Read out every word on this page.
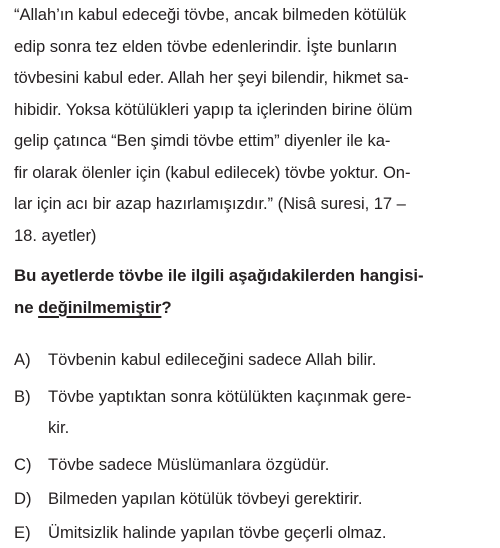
“Allah’ın kabul edeceği tövbe, ancak bilmeden kötülük
edip sonra tez elden tövbe edenlerindir. İşte bunların
tövbesini kabul eder. Allah her şeyi bilendir, hikmet sa-
hibidir. Yoksa kötülükleri yapıp ta içlerinden birine ölüm
gelip çatınca “Ben şimdi tövbe ettim” diyenler ile ka-
fir olarak ölenler için (kabul edilecek) tövbe yoktur. On-
lar için acı bir azap hazırlamışızdır.” (Nisâ suresi, 17 –
18. ayetler)
Bu ayetlerde tövbe ile ilgili aşağıdakilerden hangisi-
ne değinilmemiştir?
A) Tövbenin kabul edileceğini sadece Allah bilir.
B) Tövbe yaptıktan sonra kötülükten kaçınmak gere-
kir.
C) Tövbe sadece Müslümanlara özgüdür.
D) Bilmeden yapılan kötülük tövbeyi gerektirir.
E) Ümitsizlik halinde yapılan tövbe geçerli olmaz.
